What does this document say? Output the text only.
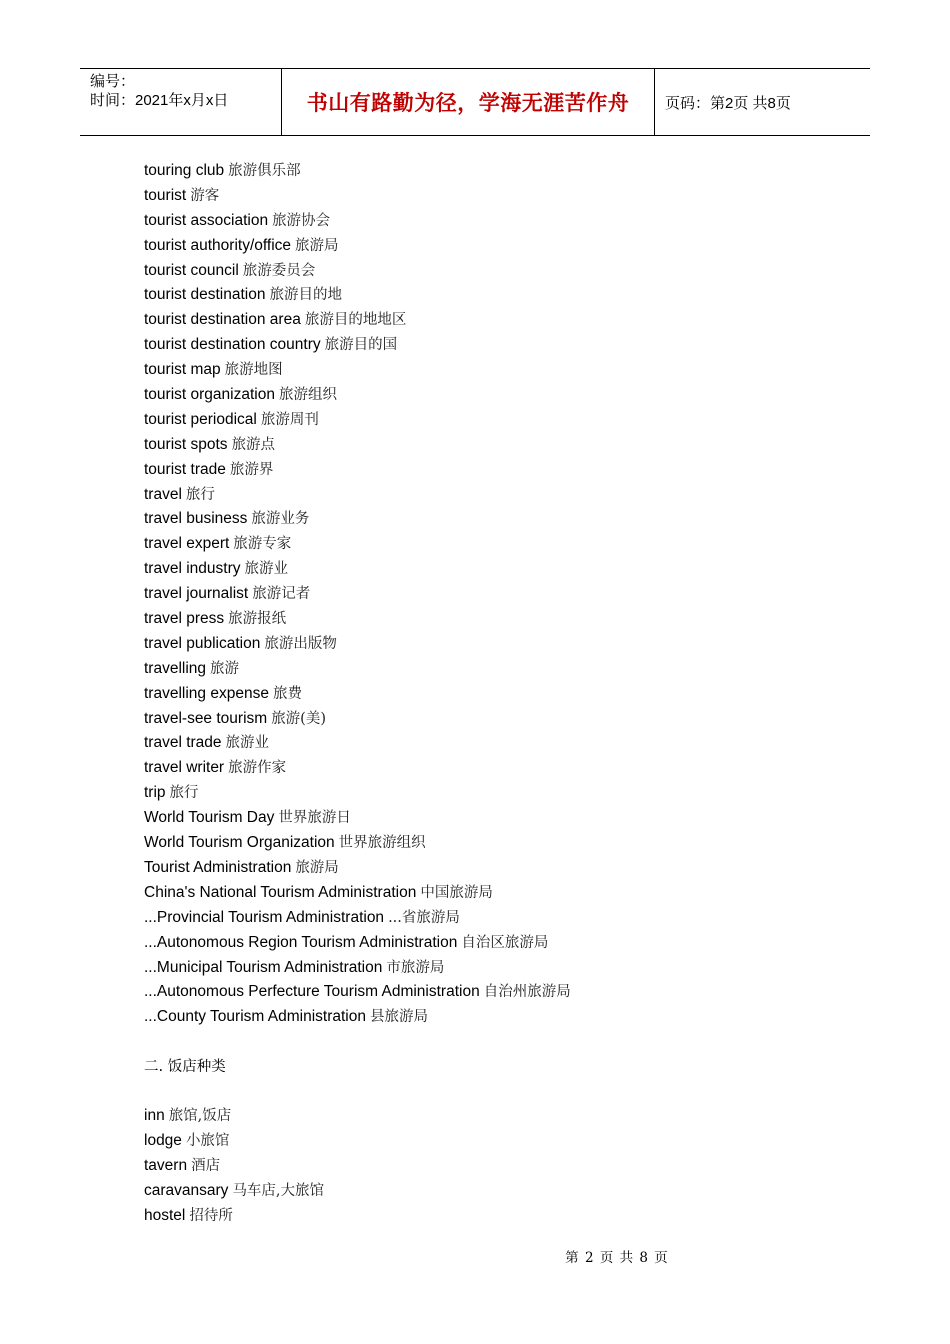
编号：
时间：2021年x月x日	书山有路勤为径，学海无涯苦作舟	页码：第2页 共8页
touring club 旅游俱乐部
tourist 游客
tourist association 旅游协会
tourist authority/office 旅游局
tourist council 旅游委员会
tourist destination 旅游目的地
tourist destination area 旅游目的地地区
tourist destination country 旅游目的国
tourist map 旅游地图
tourist organization 旅游组织
tourist periodical 旅游周刊
tourist spots 旅游点
tourist trade 旅游界
travel 旅行
travel business 旅游业务
travel expert 旅游专家
travel industry 旅游业
travel journalist 旅游记者
travel press 旅游报纸
travel publication 旅游出版物
travelling 旅游
travelling expense 旅费
travel-see tourism 旅游(美)
travel trade 旅游业
travel writer 旅游作家
trip 旅行
World Tourism Day 世界旅游日
World Tourism Organization 世界旅游组织
Tourist Administration 旅游局
China's National Tourism Administration 中国旅游局
...Provincial Tourism Administration ...省旅游局
...Autonomous Region Tourism Administration 自治区旅游局
...Municipal Tourism Administration 市旅游局
...Autonomous Perfecture Tourism Administration 自治州旅游局
...County Tourism Administration 县旅游局
二. 饭店种类
inn 旅馆,饭店
lodge 小旅馆
tavern 酒店
caravansary 马车店,大旅馆
hostel 招待所
第 2 页 共 8 页
